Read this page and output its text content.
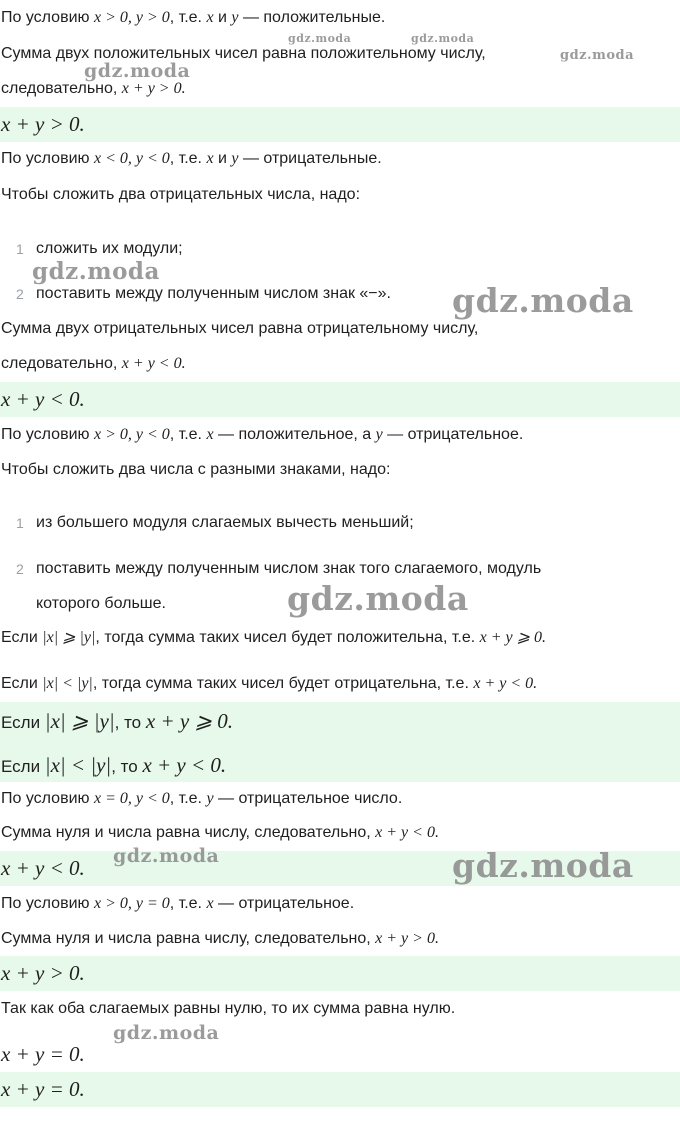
По условию x > 0, y > 0, т.е. x и y — положительные.
Сумма двух положительных чисел равна положительному числу,
следовательно, x + y > 0.
x + y > 0.
По условию x < 0, y < 0, т.е. x и y — отрицательные.
Чтобы сложить два отрицательных числа, надо:
1 сложить их модули;
2 поставить между полученным числом знак «−».
Сумма двух отрицательных чисел равна отрицательному числу,
следовательно, x + y < 0.
x + y < 0.
По условию x > 0, y < 0, т.е. x — положительное, а y — отрицательное.
Чтобы сложить два числа с разными знаками, надо:
1 из большего модуля слагаемых вычесть меньший;
2 поставить между полученным числом знак того слагаемого, модуль
которого больше.
Если |x| ⩾ |y|, тогда сумма таких чисел будет положительна, т.е. x + y ⩾ 0.
Если |x| < |y|, тогда сумма таких чисел будет отрицательна, т.е. x + y < 0.
Если |x| ⩾ |y|, то x + y ⩾ 0.
Если |x| < |y|, то x + y < 0.
По условию x = 0, y < 0, т.е. y — отрицательное число.
Сумма нуля и числа равна числу, следовательно, x + y < 0.
x + y < 0.
По условию x > 0, y = 0, т.е. x — отрицательное.
Сумма нуля и числа равна числу, следовательно, x + y > 0.
x + y > 0.
Так как оба слагаемых равны нулю, то их сумма равна нулю.
x + y = 0.
x + y = 0.
gdz.moda	gdz.moda
gdz.moda
gdz.moda
gdz.moda
gdz.moda
gdz.moda
gdz.moda	gdz.moda
gdz.moda
